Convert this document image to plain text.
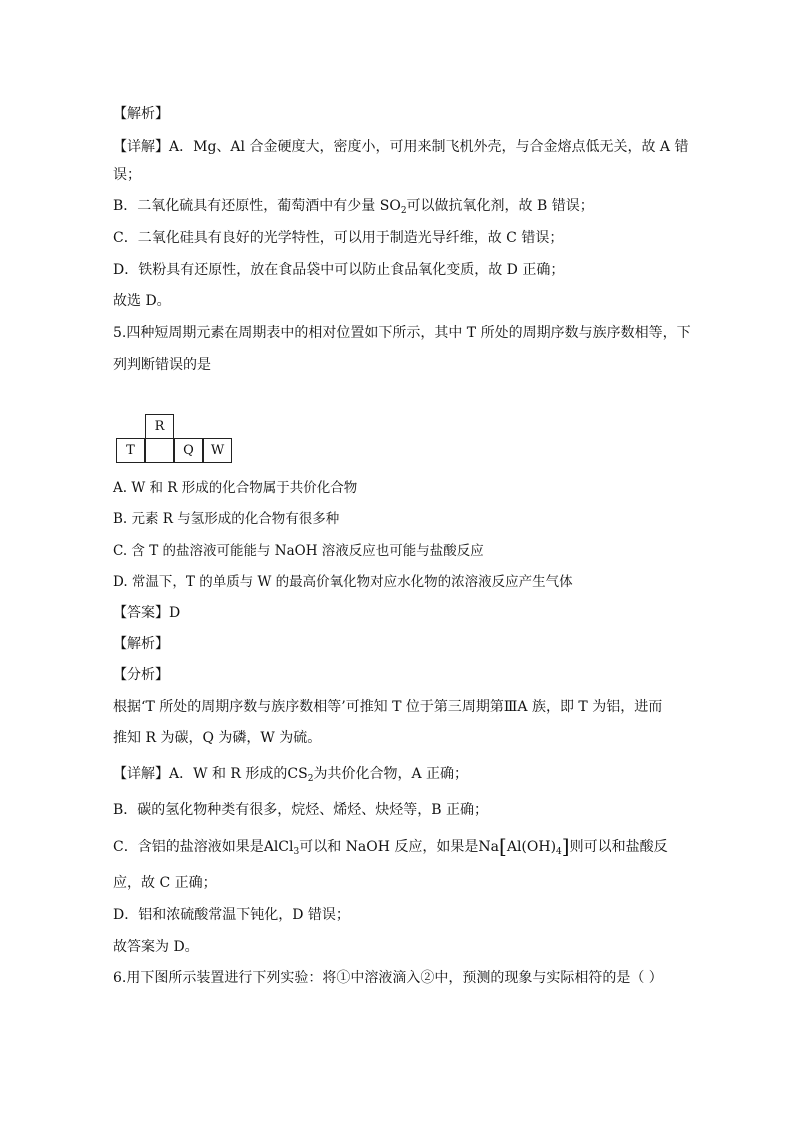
【解析】
【详解】A．Mg、Al 合金硬度大，密度小，可用来制飞机外壳，与合金熔点低无关，故 A 错
误；
B．二氧化硫具有还原性，葡萄酒中有少量 $SO_2$可以做抗氧化剂，故 B 错误；
C．二氧化硅具有良好的光学特性，可以用于制造光导纤维，故 C 错误；
D．铁粉具有还原性，放在食品袋中可以防止食品氧化变质，故 D 正确；
故选 D。
5.四种短周期元素在周期表中的相对位置如下所示，其中 T 所处的周期序数与族序数相等，下
列判断错误的是
R
T	Q	W
A. W 和 R 形成的化合物属于共价化合物
B. 元素 R 与氢形成的化合物有很多种
C. 含 T 的盐溶液可能能与 NaOH 溶液反应也可能与盐酸反应
D. 常温下，T 的单质与 W 的最高价氧化物对应水化物的浓溶液反应产生气体
【答案】D
【解析】
【分析】
根据‘T 所处的周期序数与族序数相等’可推知 T 位于第三周期第ⅢA 族，即 T 为铝，进而
推知 R 为碳，Q 为磷，W 为硫。
【详解】A．W 和 R 形成的$CS_2$为共价化合物，A 正确；
B．碳的氢化物种类有很多，烷烃、烯烃、炔烃等，B 正确；
C．含铝的盐溶液如果是AlCl$_3$可以和 NaOH 反应，如果是$Na[Al(OH)_4]$则可以和盐酸反
应，故 C 正确；
D．铝和浓硫酸常温下钝化，D 错误；
故答案为 D。
6.用下图所示装置进行下列实验：将①中溶液滴入②中，预测的现象与实际相符的是（ ）
